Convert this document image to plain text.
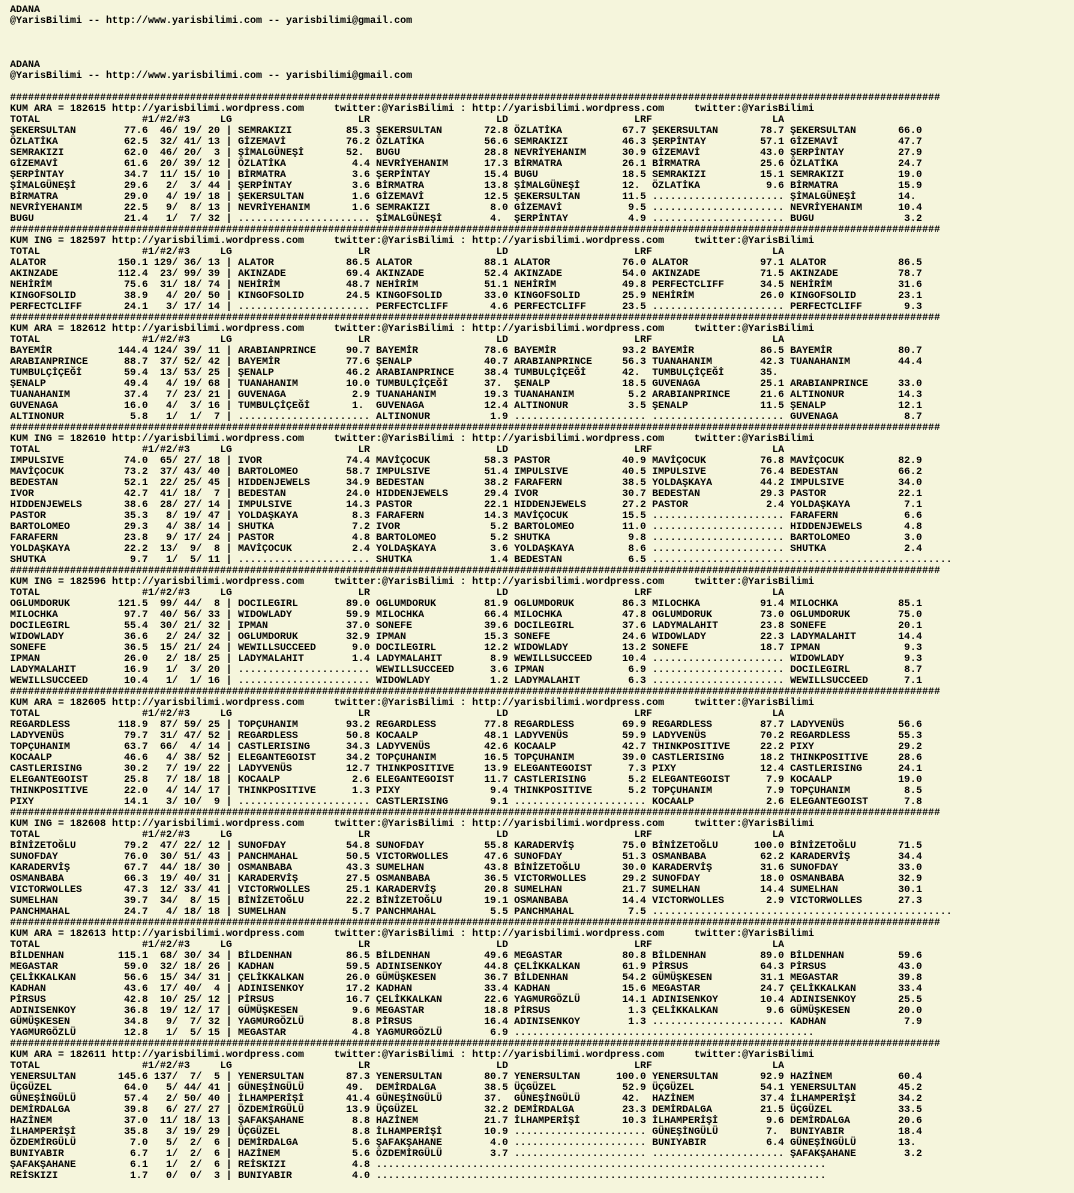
ADANA
@YarisBilimi -- http://www.yarisbilimi.com -- yarisbilimi@gmail.com
ADANA
@YarisBilimi -- http://www.yarisbilimi.com -- yarisbilimi@gmail.com
###########################################################################################################################################################
KUM ARA = 182615 http://yarisbilimi.wordpress.com     twitter:@YarisBilimi : http://yarisbilimi.wordpress.com     twitter:@YarisBilimi
TOTAL                 #1/#2/#3     LG                     LR                     LD                     LRF                    LA
ŞEKERSULTAN        77.6  46/ 19/ 20 | SEMRAKIZI         85.3 ŞEKERSULTAN       72.8 ÖZLATİKA          67.7 ŞEKERSULTAN       78.7 ŞEKERSULTAN       66.0
ÖZLATİKA           62.5  32/ 41/ 13 | GİZEMAVİ          76.2 ÖZLATİKA          56.6 SEMRAKIZI         46.3 ŞERPİNTAY         57.1 GİZEMAVİ          47.7
SEMRAKIZI          62.0  46/ 20/  3 | ŞİMALGÜNEŞİ       52.  BUGU              28.8 NEVRİYEHANIM      30.9 GİZEMAVİ          43.0 ŞERPİNTAY         27.9
GİZEMAVİ           61.6  20/ 39/ 12 | ÖZLATİKA           4.4 NEVRİYEHANIM      17.3 BİRMATRA          26.1 BİRMATRA          25.6 ÖZLATİKA          24.7
ŞERPİNTAY          34.7  11/ 15/ 10 | BİRMATRA           3.6 ŞERPİNTAY         15.4 BUGU              18.5 SEMRAKIZI         15.1 SEMRAKIZI         19.0
ŞİMALGÜNEŞİ        29.6   2/  3/ 44 | ŞERPİNTAY          3.6 BİRMATRA          13.8 ŞİMALGÜNEŞİ       12.  ÖZLATİKA           9.6 BİRMATRA          15.9
BİRMATRA           29.0   4/ 19/ 18 | ŞEKERSULTAN        1.6 GİZEMAVİ          12.5 ŞEKERSULTAN       11.5 ...................... ŞİMALGÜNEŞİ       14.
NEVRİYEHANIM       22.5   9/  8/ 13 | NEVRİYEHANIM       1.6 SEMRAKIZI          8.0 GİZEMAVİ           9.5 ...................... NEVRİYEHANIM      10.4
BUGU               21.4   1/  7/ 32 | ...................... ŞİMALGÜNEŞİ        4.  ŞERPİNTAY          4.9 ...................... BUGU               3.2
###########################################################################################################################################################
KUM ING = 182597 http://yarisbilimi.wordpress.com     twitter:@YarisBilimi : http://yarisbilimi.wordpress.com     twitter:@YarisBilimi
TOTAL                 #1/#2/#3     LG                     LR                     LD                     LRF                    LA
ALATOR            150.1 129/ 36/ 13 | ALATOR            86.5 ALATOR            88.1 ALATOR            76.0 ALATOR            97.1 ALATOR            86.5
AKINZADE          112.4  23/ 99/ 39 | AKINZADE          69.4 AKINZADE          52.4 AKINZADE          54.0 AKINZADE          71.5 AKINZADE          78.7
NEHİRİM            75.6  31/ 18/ 74 | NEHİRİM           48.7 NEHİRİM           51.1 NEHİRİM           49.8 PERFECTCLIFF      34.5 NEHİRİM           31.6
KINGOFSOLID        38.9   4/ 20/ 50 | KINGOFSOLID       24.5 KINGOFSOLID       33.0 KINGOFSOLID       25.9 NEHİRİM           26.0 KINGOFSOLID       23.1
PERFECTCLIFF       24.1   3/ 17/ 14 | ...................... PERFECTCLIFF       4.6 PERFECTCLIFF      23.5 ...................... PERFECTCLIFF       9.3
###########################################################################################################################################################
KUM ARA = 182612 http://yarisbilimi.wordpress.com     twitter:@YarisBilimi : http://yarisbilimi.wordpress.com     twitter:@YarisBilimi
TOTAL                 #1/#2/#3     LG                     LR                     LD                     LRF                    LA
BAYEMİR           144.4 124/ 39/ 11 | ARABIANPRINCE     90.7 BAYEMİR           78.6 BAYEMİR           93.2 BAYEMİR           86.5 BAYEMİR           80.7
ARABIANPRINCE      88.7  37/ 52/ 42 | BAYEMİR           77.6 ŞENALP            40.7 ARABIANPRINCE     56.3 TUANAHANIM        42.3 TUANAHANIM        44.4
TUMBULÇİÇEĞİ       59.4  13/ 53/ 25 | ŞENALP            46.2 ARABIANPRINCE     38.4 TUMBULÇİÇEĞİ      42.  TUMBULÇİÇEĞİ      35.
ŞENALP             49.4   4/ 19/ 68 | TUANAHANIM        10.0 TUMBULÇİÇEĞİ      37.  ŞENALP            18.5 GUVENAGA          25.1 ARABIANPRINCE     33.0
TUANAHANIM         37.4   7/ 23/ 21 | GUVENAGA           2.9 TUANAHANIM        19.3 TUANAHANIM         5.2 ARABIANPRINCE     21.6 ALTINONUR         14.3
GUVENAGA           16.0   4/  3/ 16 | TUMBULÇİÇEĞİ       1.  GUVENAGA          12.4 ALTINONUR          3.5 ŞENALP            11.5 ŞENALP            12.1
ALTINONUR           5.8   1/  1/  7 | ...................... ALTINONUR          1.9 ...................... ...................... GUVENAGA           8.7
###########################################################################################################################################################
KUM ING = 182610 http://yarisbilimi.wordpress.com     twitter:@YarisBilimi : http://yarisbilimi.wordpress.com     twitter:@YarisBilimi
TOTAL                 #1/#2/#3     LG                     LR                     LD                     LRF                    LA
IMPULSIVE          74.0  65/ 27/ 18 | IVOR              74.4 MAVİÇOCUK         58.3 PASTOR            40.9 MAVİÇOCUK         76.8 MAVİÇOCUK         82.9
MAVİÇOCUK          73.2  37/ 43/ 40 | BARTOLOMEO        58.7 IMPULSIVE         51.4 IMPULSIVE         40.5 IMPULSIVE         76.4 BEDESTAN          66.2
BEDESTAN           52.1  22/ 25/ 45 | HIDDENJEWELS      34.9 BEDESTAN          38.2 FARAFERN          38.5 YOLDAŞKAYA        44.2 IMPULSIVE         34.0
IVOR               42.7  41/ 18/  7 | BEDESTAN          24.0 HIDDENJEWELS      29.4 IVOR              30.7 BEDESTAN          29.3 PASTOR            22.1
HIDDENJEWELS       38.6  28/ 27/ 14 | IMPULSIVE         14.3 PASTOR            22.1 HIDDENJEWELS      27.2 PASTOR             2.4 YOLDAŞKAYA         7.1
PASTOR             35.3   8/ 19/ 47 | YOLDAŞKAYA         8.3 FARAFERN          14.3 MAVİÇOCUK         15.5 ...................... FARAFERN           6.6
BARTOLOMEO         29.3   4/ 38/ 14 | SHUTKA             7.2 IVOR               5.2 BARTOLOMEO        11.0 ...................... HIDDENJEWELS       4.8
FARAFERN           23.8   9/ 17/ 24 | PASTOR             4.8 BARTOLOMEO         5.2 SHUTKA             9.8 ...................... BARTOLOMEO         3.0
YOLDAŞKAYA         22.2  13/  9/  8 | MAVİÇOCUK          2.4 YOLDAŞKAYA         3.6 YOLDAŞKAYA         8.6 ...................... SHUTKA             2.4
SHUTKA              9.7   1/  5/ 11 | ...................... SHUTKA             1.4 BEDESTAN           6.5 ..................................................
###########################################################################################################################################################
KUM ING = 182596 http://yarisbilimi.wordpress.com     twitter:@YarisBilimi : http://yarisbilimi.wordpress.com     twitter:@YarisBilimi
TOTAL                 #1/#2/#3     LG                     LR                     LD                     LRF                    LA
OGLUMDORUK        121.5  99/ 44/  8 | DOCILEGIRL        89.0 OGLUMDORUK        81.9 OGLUMDORUK        86.3 MILOCHKA          91.4 MILOCHKA          85.1
MILOCHKA           97.7  40/ 56/ 33 | WIDOWLADY         59.9 MILOCHKA          66.4 MILOCHKA          47.8 OGLUMDORUK        73.0 OGLUMDORUK        75.0
DOCILEGIRL         55.4  30/ 21/ 32 | IPMAN             37.0 SONEFE            39.6 DOCILEGIRL        37.6 LADYMALAHIT       23.8 SONEFE            20.1
WIDOWLADY          36.6   2/ 24/ 32 | OGLUMDORUK        32.9 IPMAN             15.3 SONEFE            24.6 WIDOWLADY         22.3 LADYMALAHIT       14.4
SONEFE             36.5  15/ 21/ 24 | WEWILLSUCCEED      9.0 DOCILEGIRL        12.2 WIDOWLADY         13.2 SONEFE            18.7 IPMAN              9.3
IPMAN              26.0   2/ 18/ 25 | LADYMALAHIT        1.4 LADYMALAHIT        8.9 WEWILLSUCCEED     10.4 ...................... WIDOWLADY          9.3
LADYMALAHIT        16.9   1/  3/ 20 | ...................... WEWILLSUCCEED      3.6 IPMAN              6.9 ...................... DOCILEGIRL         8.7
WEWILLSUCCEED      10.4   1/  1/ 16 | ...................... WIDOWLADY          1.2 LADYMALAHIT        6.3 ...................... WEWILLSUCCEED      7.1
###########################################################################################################################################################
KUM ARA = 182605 http://yarisbilimi.wordpress.com     twitter:@YarisBilimi : http://yarisbilimi.wordpress.com     twitter:@YarisBilimi
TOTAL                 #1/#2/#3     LG                     LR                     LD                     LRF                    LA
REGARDLESS        118.9  87/ 59/ 25 | TOPÇUHANIM        93.2 REGARDLESS        77.8 REGARDLESS        69.9 REGARDLESS        87.7 LADYVENÜS         56.6
LADYVENÜS          79.7  31/ 47/ 52 | REGARDLESS        50.8 KOCAALP           48.1 LADYVENÜS         59.9 LADYVENÜS         70.2 REGARDLESS        55.3
TOPÇUHANIM         63.7  66/  4/ 14 | CASTLERISING      34.3 LADYVENÜS         42.6 KOCAALP           42.7 THINKPOSITIVE     22.2 PIXY              29.2
KOCAALP            46.6   4/ 38/ 52 | ELEGANTEGOIST     34.2 TOPÇUHANIM        16.5 TOPÇUHANIM        39.0 CASTLERISING      18.2 THINKPOSITIVE     28.6
CASTLERISING       30.2   7/ 19/ 22 | LADYVENÜS         12.7 THINKPOSITIVE     13.9 ELEGANTEGOIST      7.3 PIXY              12.4 CASTLERISING      24.1
ELEGANTEGOIST      25.8   7/ 18/ 18 | KOCAALP            2.6 ELEGANTEGOIST     11.7 CASTLERISING       5.2 ELEGANTEGOIST      7.9 KOCAALP           19.0
THINKPOSITIVE      22.0   4/ 14/ 17 | THINKPOSITIVE      1.3 PIXY               9.4 THINKPOSITIVE      5.2 TOPÇUHANIM         7.9 TOPÇUHANIM         8.5
PIXY               14.1   3/ 10/  9 | ...................... CASTLERISING       9.1 ...................... KOCAALP            2.6 ELEGANTEGOIST      7.8
###########################################################################################################################################################
KUM ING = 182608 http://yarisbilimi.wordpress.com     twitter:@YarisBilimi : http://yarisbilimi.wordpress.com     twitter:@YarisBilimi
TOTAL                 #1/#2/#3     LG                     LR                     LD                     LRF                    LA
BİNİZETOĞLU        79.2  47/ 22/ 12 | SUNOFDAY          54.8 SUNOFDAY          55.8 KARADERVİŞ        75.0 BİNİZETOĞLU      100.0 BİNİZETOĞLU       71.5
SUNOFDAY           76.0  30/ 51/ 43 | PANCHMAHAL        50.5 VICTORWOLLES      47.6 SUNOFDAY          51.3 OSMANBABA         62.2 KARADERVİŞ        34.4
KARADERVİŞ         67.7  44/ 18/ 30 | OSMANBABA         43.3 SUMELHAN          43.8 BİNİZETOĞLU       30.0 KARADERVİŞ        31.6 SUNOFDAY          33.0
OSMANBABA          66.3  19/ 40/ 31 | KARADERVİŞ        27.5 OSMANBABA         36.5 VICTORWOLLES      29.2 SUNOFDAY          18.0 OSMANBABA         32.9
VICTORWOLLES       47.3  12/ 33/ 41 | VICTORWOLLES      25.1 KARADERVİŞ        20.8 SUMELHAN          21.7 SUMELHAN          14.4 SUMELHAN          30.1
SUMELHAN           39.7  34/  8/ 15 | BİNİZETOĞLU       22.2 BİNİZETOĞLU       19.1 OSMANBABA         14.4 VICTORWOLLES       2.9 VICTORWOLLES      27.3
PANCHMAHAL         24.7   4/ 18/ 18 | SUMELHAN           5.7 PANCHMAHAL         5.5 PANCHMAHAL         7.5 ..................................................
###########################################################################################################################################################
KUM ARA = 182613 http://yarisbilimi.wordpress.com     twitter:@YarisBilimi : http://yarisbilimi.wordpress.com     twitter:@YarisBilimi
TOTAL                 #1/#2/#3     LG                     LR                     LD                     LRF                    LA
BİLDENHAN         115.1  68/ 30/ 34 | BİLDENHAN         86.5 BİLDENHAN         49.6 MEGASTAR          80.8 BİLDENHAN         89.0 BİLDENHAN         59.6
MEGASTAR           59.0  32/ 18/ 26 | KADHAN            59.5 ADINISENKOY       44.8 ÇELİKKALKAN       61.9 PİRSUS            64.3 PİRSUS            43.0
ÇELİKKALKAN        56.6  15/ 34/ 31 | ÇELİKKALKAN       26.0 GÜMÜŞKESEN        36.7 BİLDENHAN         54.2 GÜMÜŞKESEN        31.1 MEGASTAR          39.8
KADHAN             43.6  17/ 40/  4 | ADINISENKOY       17.2 KADHAN            33.4 KADHAN            15.6 MEGASTAR          24.7 ÇELİKKALKAN       33.4
PİRSUS             42.8  10/ 25/ 12 | PİRSUS            16.7 ÇELİKKALKAN       22.6 YAGMURGÖZLÜ       14.1 ADINISENKOY       10.4 ADINISENKOY       25.5
ADINISENKOY        36.8  19/ 12/ 17 | GÜMÜŞKESEN         9.6 MEGASTAR          18.8 PİRSUS             1.3 ÇELİKKALKAN        9.6 GÜMÜŞKESEN        20.0
GÜMÜŞKESEN         34.8   9/  7/ 32 | YAGMURGÖZLÜ        8.8 PİRSUS            16.4 ADINISENKOY        1.3 ...................... KADHAN             7.9
YAGMURGÖZLÜ        12.8   1/  5/ 15 | MEGASTAR           4.8 YAGMURGÖZLÜ        6.9 ..................................................
###########################################################################################################################################################
KUM ARA = 182611 http://yarisbilimi.wordpress.com     twitter:@YarisBilimi : http://yarisbilimi.wordpress.com     twitter:@YarisBilimi
TOTAL                 #1/#2/#3     LG                     LR                     LD                     LRF                    LA
YENERSULTAN       145.6 137/  7/  5 | YENERSULTAN       87.3 YENERSULTAN       80.7 YENERSULTAN      100.0 YENERSULTAN       92.9 HAZİNEM           60.4
ÜÇGÜZEL            64.0   5/ 44/ 41 | GÜNEŞİNGÜLÜ       49.  DEMİRDALGA        38.5 ÜÇGÜZEL           52.9 ÜÇGÜZEL           54.1 YENERSULTAN       45.2
GÜNEŞİNGÜLÜ        57.4   2/ 50/ 40 | İLHAMPERİŞİ       41.4 GÜNEŞİNGÜLÜ       37.  GÜNEŞİNGÜLÜ       42.  HAZİNEM           37.4 İLHAMPERİŞİ       34.2
DEMİRDALGA         39.8   6/ 27/ 27 | ÖZDEMİRGÜLÜ       13.9 ÜÇGÜZEL           32.2 DEMİRDALGA        23.3 DEMİRDALGA        21.5 ÜÇGÜZEL           33.5
HAZİNEM            37.0  11/ 18/ 13 | ŞAFAKŞAHANE        8.8 HAZİNEM           21.7 İLHAMPERİŞİ       10.3 İLHAMPERİŞİ        9.6 DEMİRDALGA        20.6
İLHAMPERİŞİ        35.8   3/ 19/ 29 | ÜÇGÜZEL            8.8 İLHAMPERİŞİ       10.9 ...................... GÜNEŞİNGÜLÜ        7.  BUNIYABIR         18.4
ÖZDEMİRGÜLÜ         7.0   5/  2/  6 | DEMİRDALGA         5.6 ŞAFAKŞAHANE        4.0 ...................... BUNIYABIR          6.4 GÜNEŞİNGÜLÜ       13.
BUNIYABIR           6.7   1/  2/  6 | HAZİNEM            5.6 ÖZDEMİRGÜLÜ        3.7 ...................... ...................... ŞAFAKŞAHANE        3.2
ŞAFAKŞAHANE         6.1   1/  2/  6 | REİSKIZI           4.8 ...........................................................................
REİSKIZI            1.7   0/  0/  3 | BUNIYABIR          4.0 ...........................................................................
